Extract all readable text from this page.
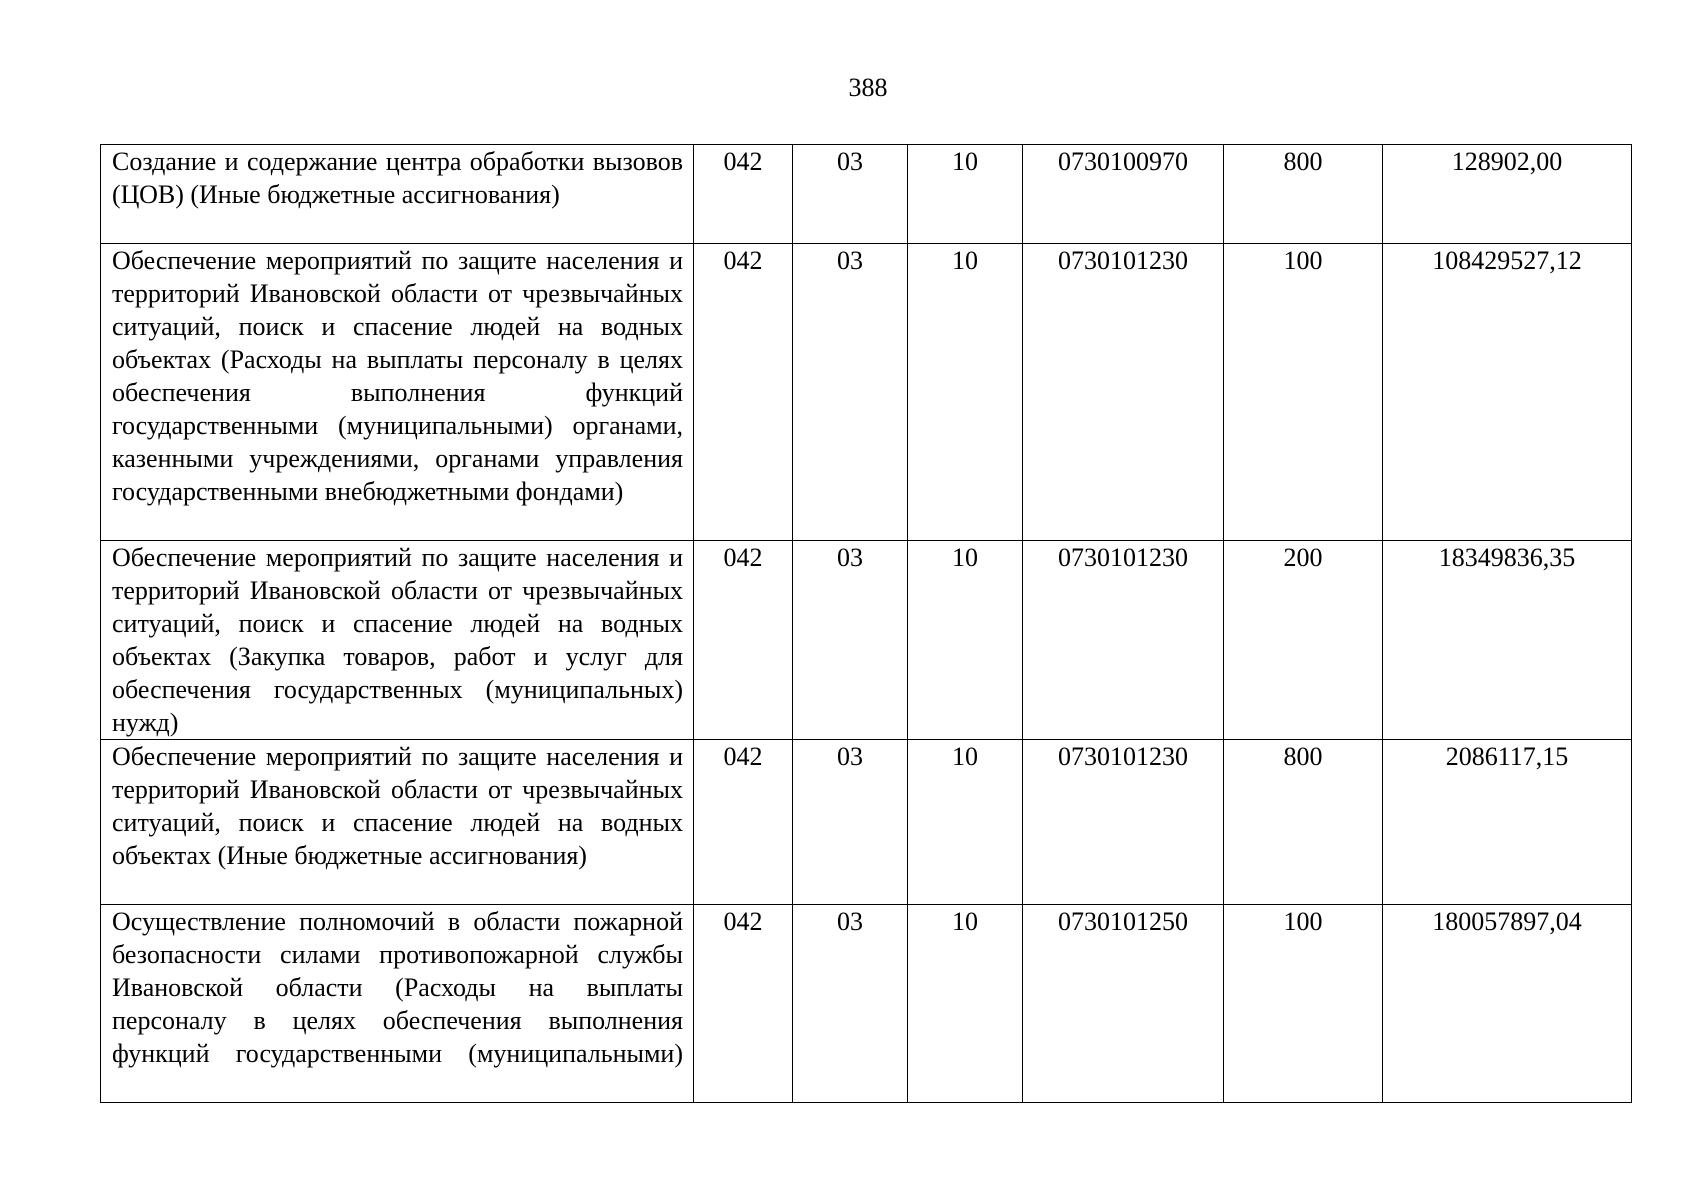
388
Создание и содержание центра обработки вызовов (ЦОВ) (Иные бюджетные ассигнования)	042	03	10	0730100970	800	128902,00
Обеспечение мероприятий по защите населения и территорий Ивановской области от чрезвычайных ситуаций, поиск и спасение людей на водных объектах (Расходы на выплаты персоналу в целях обеспечения выполнения функций государственными (муниципальными) органами, казенными учреждениями, органами управления государственными внебюджетными фондами)	042	03	10	0730101230	100	108429527,12
Обеспечение мероприятий по защите населения и территорий Ивановской области от чрезвычайных ситуаций, поиск и спасение людей на водных объектах (Закупка товаров, работ и услуг для обеспечения государственных (муниципальных) нужд)	042	03	10	0730101230	200	18349836,35
Обеспечение мероприятий по защите населения и территорий Ивановской области от чрезвычайных ситуаций, поиск и спасение людей на водных объектах (Иные бюджетные ассигнования)	042	03	10	0730101230	800	2086117,15
Осуществление полномочий в области пожарной безопасности силами противопожарной службы Ивановской области (Расходы на выплаты персоналу в целях обеспечения выполнения функций государственными (муниципальными)	042	03	10	0730101250	100	180057897,04
